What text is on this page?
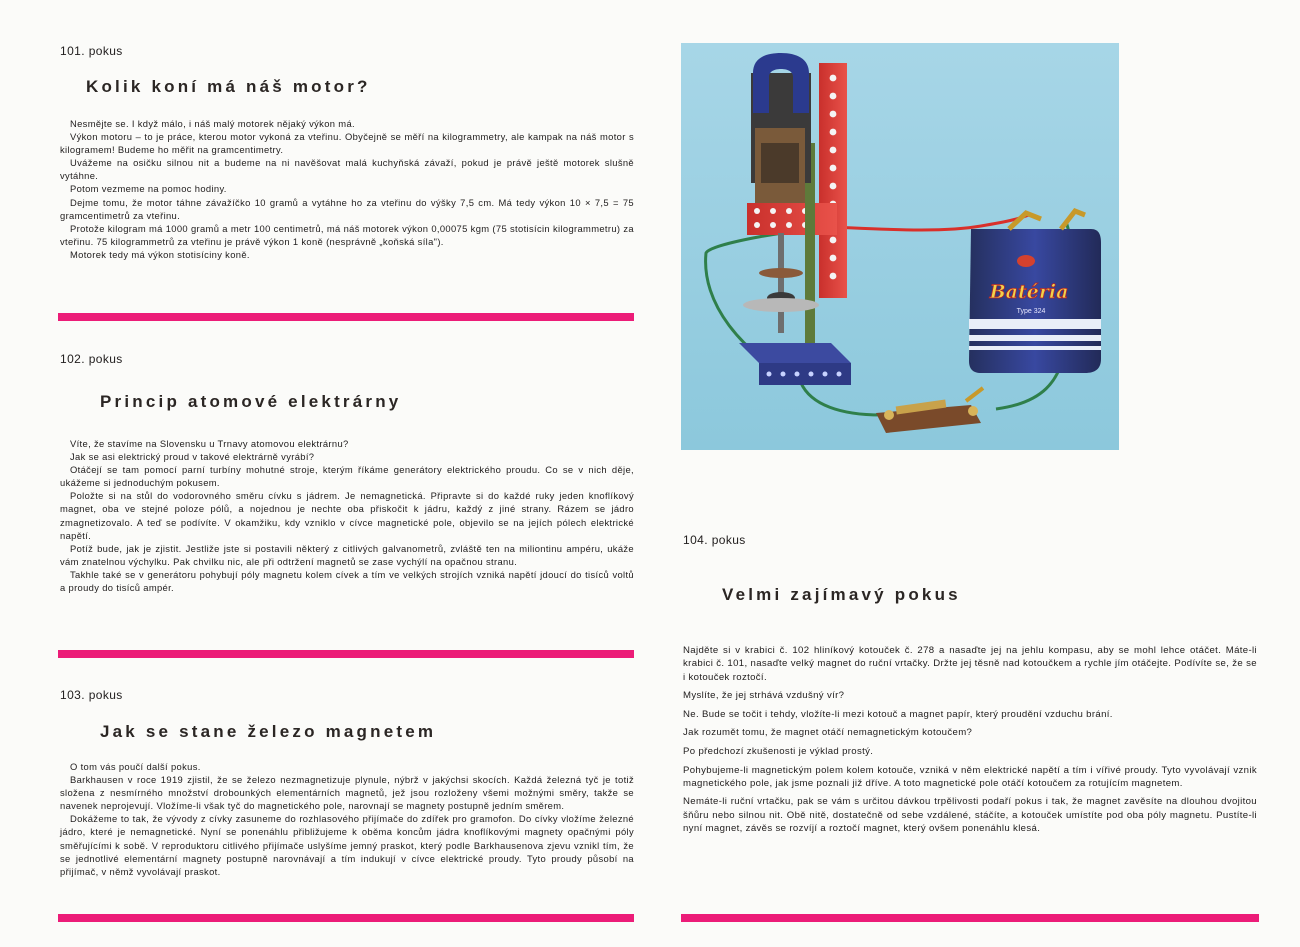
101. pokus
Kolik koní má náš motor?

Nesmějte se. I když málo, i náš malý motorek nějaký výkon má.

Výkon motoru – to je práce, kterou motor vykoná za vteřinu. Obyčejně se měří na kilogrammetry, ale kampak na náš motor s kilogramem! Budeme ho měřit na gramcentimetry.

Uvážeme na osičku silnou nit a budeme na ni navěšovat malá kuchyňská závaží, pokud je právě ještě motorek slušně vytáhne.

Potom vezmeme na pomoc hodiny.

Dejme tomu, že motor táhne závažíčko 10 gramů a vytáhne ho za vteřinu do výšky 7,5 cm. Má tedy výkon 10 × 7,5 = 75 gramcentimetrů za vteřinu.

Protože kilogram má 1000 gramů a metr 100 centimetrů, má náš motorek výkon 0,00075 kgm (75 stotisícin kilogrammetru) za vteřinu. 75 kilogrammetrů za vteřinu je právě výkon 1 koně (nesprávně „koňská síla").

Motorek tedy má výkon stotisíciny koně.

102. pokus
Princip atomové elektrárny

Víte, že stavíme na Slovensku u Trnavy atomovou elektrárnu?

Jak se asi elektrický proud v takové elektrárně vyrábí?

Otáčejí se tam pomocí parní turbíny mohutné stroje, kterým říkáme generátory elektrického proudu. Co se v nich děje, ukážeme si jednoduchým pokusem.

Položte si na stůl do vodorovného směru cívku s jádrem. Je nemagnetická. Připravte si do každé ruky jeden knoflíkový magnet, oba ve stejné poloze pólů, a nojednou je nechte oba přiskočit k jádru, každý z jiné strany. Rázem se jádro zmagnetizovalo. A teď se podívíte. V okamžiku, kdy vzniklo v cívce magnetické pole, objevilo se na jejích pólech elektrické napětí.

Potíž bude, jak je zjistit. Jestliže jste si postavili některý z citlivých galvanometrů, zvláště ten na miliontinu ampéru, ukáže vám znatelnou výchylku. Pak chvilku nic, ale při odtržení magnetů se zase vychýlí na opačnou stranu.

Takhle také se v generátoru pohybují póly magnetu kolem cívek a tím ve velkých strojích vzniká napětí jdoucí do tisíců voltů a proudy do tisíců ampér.

103. pokus
Jak se stane železo magnetem

O tom vás poučí další pokus.

Barkhausen v roce 1919 zjistil, že se železo nezmagnetizuje plynule, nýbrž v jakýchsi skocích. Každá železná tyč je totiž složena z nesmírného množství drobounkých elementárních magnetů, jež jsou rozloženy všemi možnými směry, takže se navenek neprojevují. Vložíme-li však tyč do magnetického pole, narovnají se magnety postupně jedním směrem.

Dokážeme to tak, že vývody z cívky zasuneme do rozhlasového přijímače do zdířek pro gramofon. Do cívky vložíme železné jádro, které je nemagnetické. Nyní se ponenáhlu přibližujeme k oběma koncům jádra knoflíkovými magnety opačnými póly směřujícími k sobě. V reproduktoru citlivého přijímače uslyšíme jemný praskot, který podle Barkhausenova zjevu vznikl tím, že se jednotlivé elementární magnety postupně narovnávají a tím indukují v cívce elektrické proudy. Tyto proudy působí na přijímač, v němž vyvolávají praskot.

Batéria
Type 324
104. pokus
Velmi zajímavý pokus

Najděte si v krabici č. 102 hliníkový kotouček č. 278 a nasaďte jej na jehlu kompasu, aby se mohl lehce otáčet. Máte-li krabici č. 101, nasaďte velký magnet do ruční vrtačky. Držte jej těsně nad kotoučkem a rychle jím otáčejte. Podívíte se, že se i kotouček roztočí.

Myslíte, že jej strhává vzdušný vír?

Ne. Bude se točit i tehdy, vložíte-li mezi kotouč a magnet papír, který proudění vzduchu brání.

Jak rozumět tomu, že magnet otáčí nemagnetickým kotoučem?

Po předchozí zkušenosti je výklad prostý.

Pohybujeme-li magnetickým polem kolem kotouče, vzniká v něm elektrické napětí a tím i vířivé proudy. Tyto vyvolávají vznik magnetického pole, jak jsme poznali již dříve. A toto magnetické pole otáčí kotoučem za rotujícím magnetem.

Nemáte-li ruční vrtačku, pak se vám s určitou dávkou trpělivosti podaří pokus i tak, že magnet zavěsíte na dlouhou dvojitou šňůru nebo silnou nit. Obě nitě, dostatečně od sebe vzdálené, stáčíte, a kotouček umístíte pod oba póly magnetu. Pustíte-li nyní magnet, závěs se rozvíjí a roztočí magnet, který ovšem ponenáhlu klesá.
